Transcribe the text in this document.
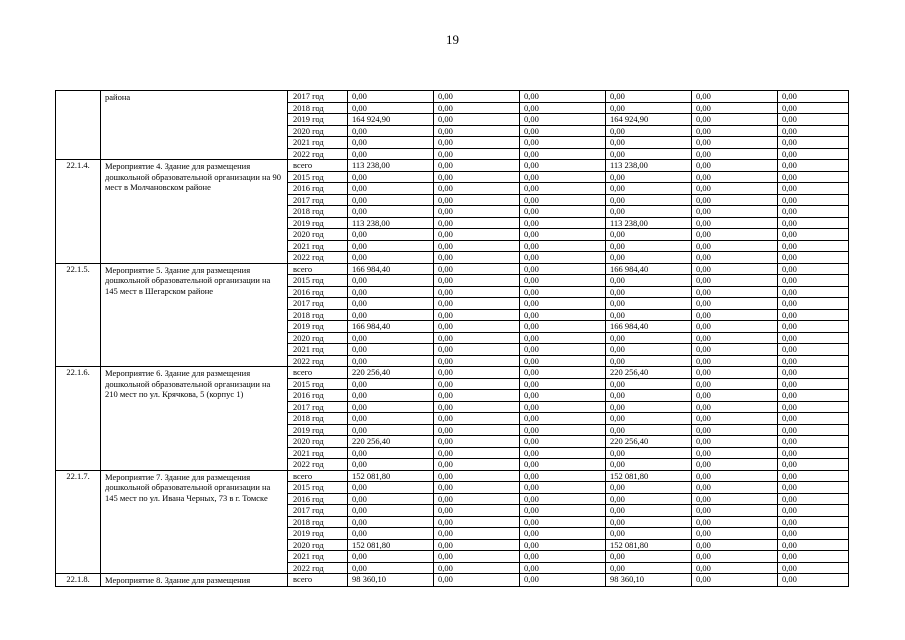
19
	района	2017 год	0,00	0,00	0,00	0,00	0,00	0,00
		2018 год	0,00	0,00	0,00	0,00	0,00	0,00
		2019 год	164 924,90	0,00	0,00	164 924,90	0,00	0,00
		2020 год	0,00	0,00	0,00	0,00	0,00	0,00
		2021 год	0,00	0,00	0,00	0,00	0,00	0,00
		2022 год	0,00	0,00	0,00	0,00	0,00	0,00
22.1.4.	Мероприятие 4. Здание для размещения дошкольной образовательной организации на 90 мест в Молчановском районе	всего	113 238,00	0,00	0,00	113 238,00	0,00	0,00
		2015 год	0,00	0,00	0,00	0,00	0,00	0,00
		2016 год	0,00	0,00	0,00	0,00	0,00	0,00
		2017 год	0,00	0,00	0,00	0,00	0,00	0,00
		2018 год	0,00	0,00	0,00	0,00	0,00	0,00
		2019 год	113 238,00	0,00	0,00	113 238,00	0,00	0,00
		2020 год	0,00	0,00	0,00	0,00	0,00	0,00
		2021 год	0,00	0,00	0,00	0,00	0,00	0,00
		2022 год	0,00	0,00	0,00	0,00	0,00	0,00
22.1.5.	Мероприятие 5. Здание для размещения дошкольной образовательной организации на 145 мест в Шегарском районе	всего	166 984,40	0,00	0,00	166 984,40	0,00	0,00
		2015 год	0,00	0,00	0,00	0,00	0,00	0,00
		2016 год	0,00	0,00	0,00	0,00	0,00	0,00
		2017 год	0,00	0,00	0,00	0,00	0,00	0,00
		2018 год	0,00	0,00	0,00	0,00	0,00	0,00
		2019 год	166 984,40	0,00	0,00	166 984,40	0,00	0,00
		2020 год	0,00	0,00	0,00	0,00	0,00	0,00
		2021 год	0,00	0,00	0,00	0,00	0,00	0,00
		2022 год	0,00	0,00	0,00	0,00	0,00	0,00
22.1.6.	Мероприятие 6. Здание для размещения дошкольной образовательной организации на 210 мест по ул. Крячкова, 5 (корпус 1)	всего	220 256,40	0,00	0,00	220 256,40	0,00	0,00
		2015 год	0,00	0,00	0,00	0,00	0,00	0,00
		2016 год	0,00	0,00	0,00	0,00	0,00	0,00
		2017 год	0,00	0,00	0,00	0,00	0,00	0,00
		2018 год	0,00	0,00	0,00	0,00	0,00	0,00
		2019 год	0,00	0,00	0,00	0,00	0,00	0,00
		2020 год	220 256,40	0,00	0,00	220 256,40	0,00	0,00
		2021 год	0,00	0,00	0,00	0,00	0,00	0,00
		2022 год	0,00	0,00	0,00	0,00	0,00	0,00
22.1.7.	Мероприятие 7. Здание для размещения дошкольной образовательной организации на 145 мест по ул. Ивана Черных, 73 в г. Томске	всего	152 081,80	0,00	0,00	152 081,80	0,00	0,00
		2015 год	0,00	0,00	0,00	0,00	0,00	0,00
		2016 год	0,00	0,00	0,00	0,00	0,00	0,00
		2017 год	0,00	0,00	0,00	0,00	0,00	0,00
		2018 год	0,00	0,00	0,00	0,00	0,00	0,00
		2019 год	0,00	0,00	0,00	0,00	0,00	0,00
		2020 год	152 081,80	0,00	0,00	152 081,80	0,00	0,00
		2021 год	0,00	0,00	0,00	0,00	0,00	0,00
		2022 год	0,00	0,00	0,00	0,00	0,00	0,00
22.1.8.	Мероприятие 8. Здание для размещения	всего	98 360,10	0,00	0,00	98 360,10	0,00	0,00
